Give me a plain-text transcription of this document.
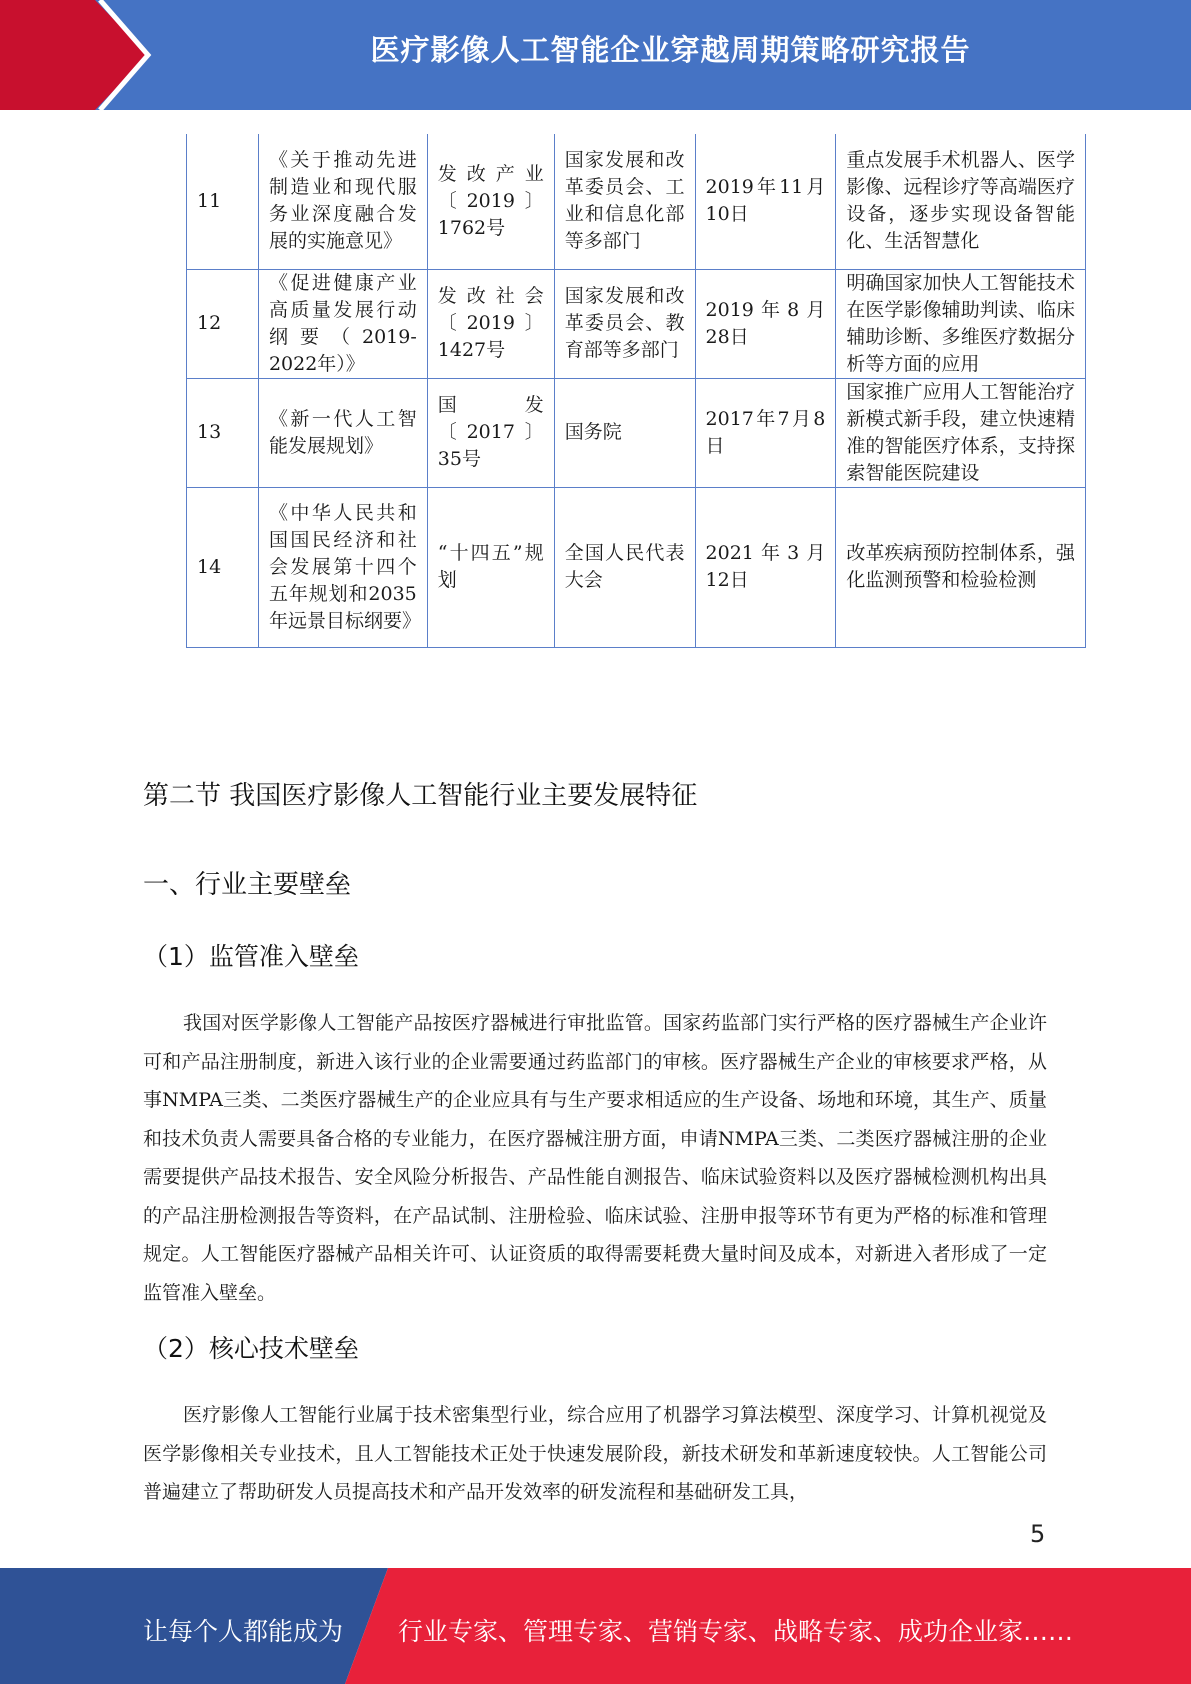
医疗影像人工智能企业穿越周期策略研究报告
11	《关于推动先进制造业和现代服务业深度融合发展的实施意见》	发改产业〔2019〕1762号	国家发展和改革委员会、工业和信息化部等多部门	2019年11月10日	重点发展手术机器人、医学影像、远程诊疗等高端医疗设备，逐步实现设备智能化、生活智慧化
12	《促进健康产业高质量发展行动纲要（2019-2022年）》	发改社会〔2019〕1427号	国家发展和改革委员会、教育部等多部门	2019年8月28日	明确国家加快人工智能技术在医学影像辅助判读、临床辅助诊断、多维医疗数据分析等方面的应用
13	《新一代人工智能发展规划》	国发〔2017〕35号	国务院	2017年7月8日	国家推广应用人工智能治疗新模式新手段，建立快速精准的智能医疗体系，支持探索智能医院建设
14	《中华人民共和国国民经济和社会发展第十四个五年规划和2035年远景目标纲要》	“十四五”规划	全国人民代表大会	2021年3月12日	改革疾病预防控制体系，强化监测预警和检验检测
第二节 我国医疗影像人工智能行业主要发展特征
一、行业主要壁垒
（1）监管准入壁垒
我国对医学影像人工智能产品按医疗器械进行审批监管。国家药监部门实行严格的医疗器械生产企业许可和产品注册制度，新进入该行业的企业需要通过药监部门的审核。医疗器械生产企业的审核要求严格，从事NMPA三类、二类医疗器械生产的企业应具有与生产要求相适应的生产设备、场地和环境，其生产、质量和技术负责人需要具备合格的专业能力，在医疗器械注册方面，申请NMPA三类、二类医疗器械注册的企业需要提供产品技术报告、安全风险分析报告、产品性能自测报告、临床试验资料以及医疗器械检测机构出具的产品注册检测报告等资料，在产品试制、注册检验、临床试验、注册申报等环节有更为严格的标准和管理规定。人工智能医疗器械产品相关许可、认证资质的取得需要耗费大量时间及成本，对新进入者形成了一定监管准入壁垒。
（2）核心技术壁垒
医疗影像人工智能行业属于技术密集型行业，综合应用了机器学习算法模型、深度学习、计算机视觉及医学影像相关专业技术，且人工智能技术正处于快速发展阶段，新技术研发和革新速度较快。人工智能公司普遍建立了帮助研发人员提高技术和产品开发效率的研发流程和基础研发工具，
5
让每个人都能成为 行业专家、管理专家、营销专家、战略专家、成功企业家……
